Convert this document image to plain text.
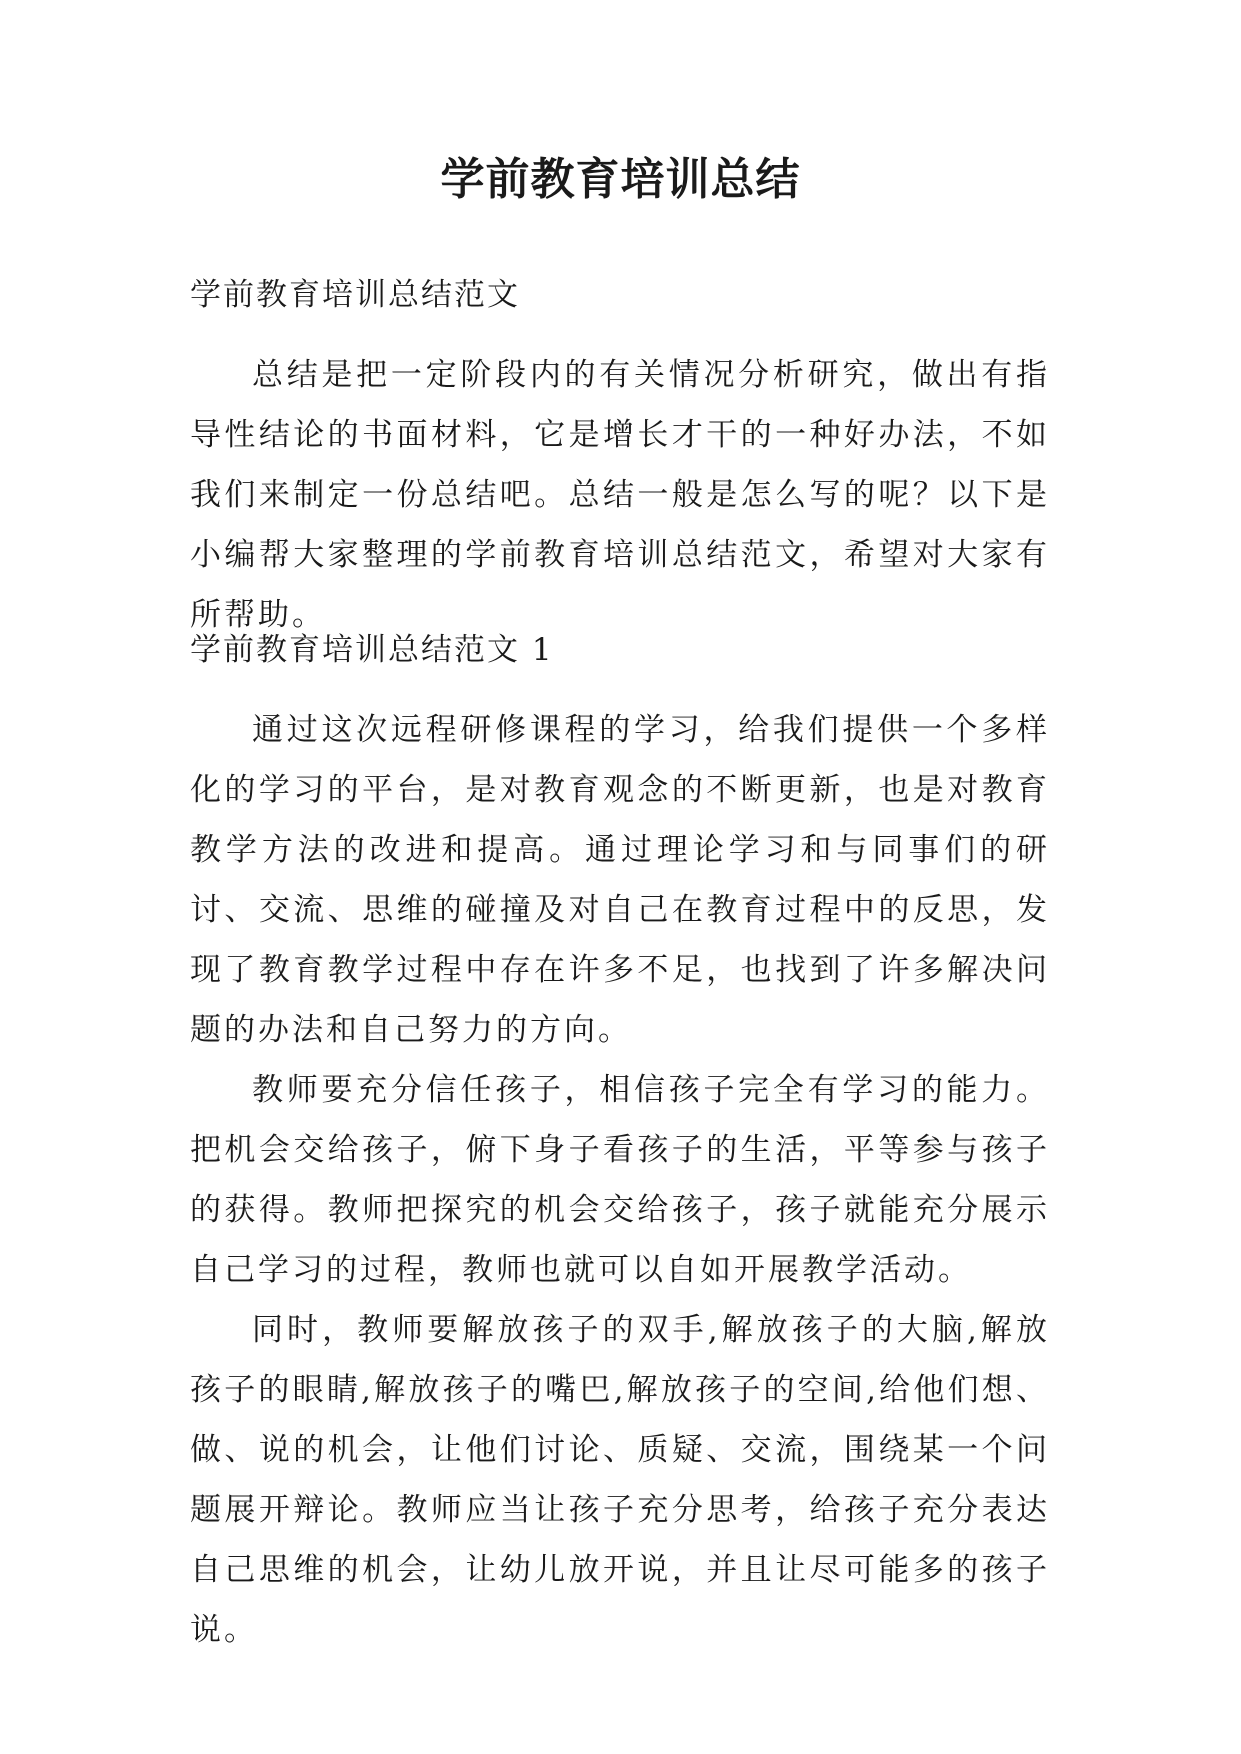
学前教育培训总结
学前教育培训总结范文

总结是把一定阶段内的有关情况分析研究，做出有指导性结论的书面材料，它是增长才干的一种好办法，不如我们来制定一份总结吧。总结一般是怎么写的呢？以下是小编帮大家整理的学前教育培训总结范文，希望对大家有所帮助。

学前教育培训总结范文 1

通过这次远程研修课程的学习，给我们提供一个多样化的学习的平台，是对教育观念的不断更新，也是对教育教学方法的改进和提高。通过理论学习和与同事们的研讨、交流、思维的碰撞及对自己在教育过程中的反思，发现了教育教学过程中存在许多不足，也找到了许多解决问题的办法和自己努力的方向。

教师要充分信任孩子，相信孩子完全有学习的能力。把机会交给孩子，俯下身子看孩子的生活，平等参与孩子的获得。教师把探究的机会交给孩子，孩子就能充分展示自己学习的过程，教师也就可以自如开展教学活动。

同时，教师要解放孩子的双手,解放孩子的大脑,解放孩子的眼睛,解放孩子的嘴巴,解放孩子的空间,给他们想、做、说的机会，让他们讨论、质疑、交流，围绕某一个问题展开辩论。教师应当让孩子充分思考，给孩子充分表达自己思维的机会，让幼儿放开说，并且让尽可能多的孩子说。
